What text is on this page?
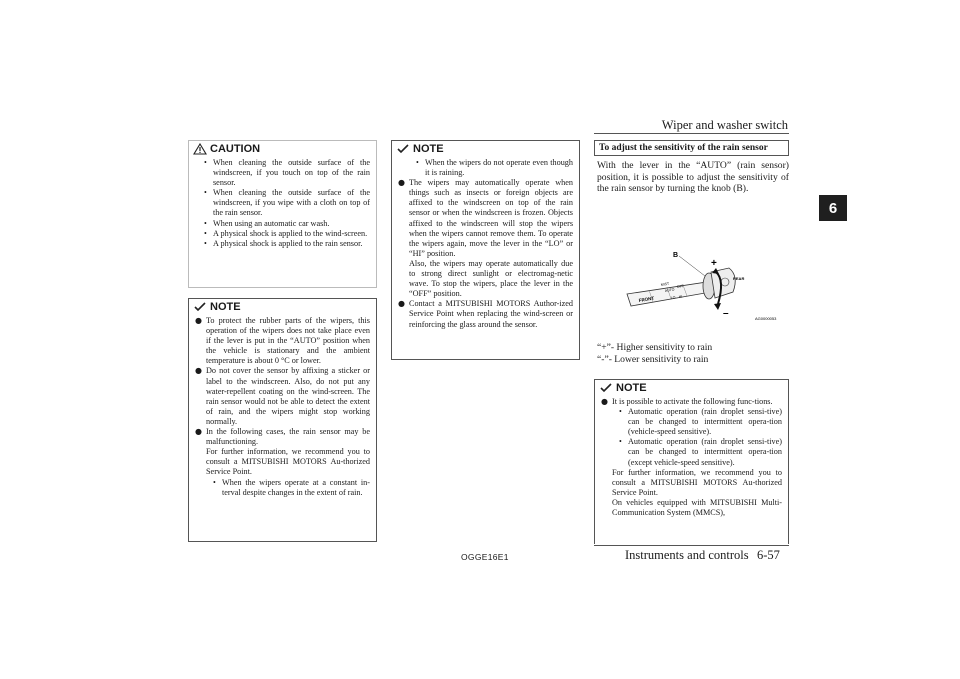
Wiper and washer switch
6
CAUTION

• When cleaning the outside surface of the windscreen, if you touch on top of the rain sensor.

• When cleaning the outside surface of the windscreen, if you wipe with a cloth on top of the rain sensor.

• When using an automatic car wash.

• A physical shock is applied to the wind-screen.

• A physical shock is applied to the rain sensor.

NOTE

● To protect the rubber parts of the wipers, this operation of the wipers does not take place even if the lever is put in the “AUTO” position when the vehicle is stationary and the ambient temperature is about 0 °C or lower.

● Do not cover the sensor by affixing a sticker or label to the windscreen. Also, do not put any water-repellent coating on the wind-screen. The rain sensor would not be able to detect the extent of rain, and the wipers might stop working normally.

● In the following cases, the rain sensor may be malfunctioning.

For further information, we recommend you to consult a MITSUBISHI MOTORS Au-thorized Service Point.

• When the wipers operate at a constant in-terval despite changes in the extent of rain.

NOTE

• When the wipers do not operate even though it is raining.

● The wipers may automatically operate when things such as insects or foreign objects are affixed to the windscreen on top of the rain sensor or when the windscreen is frozen. Objects affixed to the windscreen will stop the wipers when the wipers cannot remove them. To operate the wipers again, move the lever in the “LO” or “HI” position.

Also, the wipers may operate automatically due to strong direct sunlight or electromag-netic wave. To stop the wipers, place the lever in the “OFF” position.

● Contact a MITSUBISHI MOTORS Author-ized Service Point when replacing the wind-screen or reinforcing the glass around the sensor.

To adjust the sensitivity of the rain sensor
With the lever in the “AUTO” (rain sensor) position, it is possible to adjust the sensitivity of the rain sensor by turning the knob (B).
B
+
–
FRONT
REAR
MIST
AUTO
OFF
LO HI
AG0000053
“+”- Higher sensitivity to rain
“-”- Lower sensitivity to rain
NOTE

● It is possible to activate the following func-tions.

• Automatic operation (rain droplet sensi-tive) can be changed to intermittent opera-tion (vehicle-speed sensitive).

• Automatic operation (rain droplet sensi-tive) can be changed to intermittent opera-tion (except vehicle-speed sensitive).

For further information, we recommend you to consult a MITSUBISHI MOTORS Au-thorized Service Point.

On vehicles equipped with MITSUBISHI Multi-Communication System (MMCS),

OGGE16E1	Instruments and controls 6-57
